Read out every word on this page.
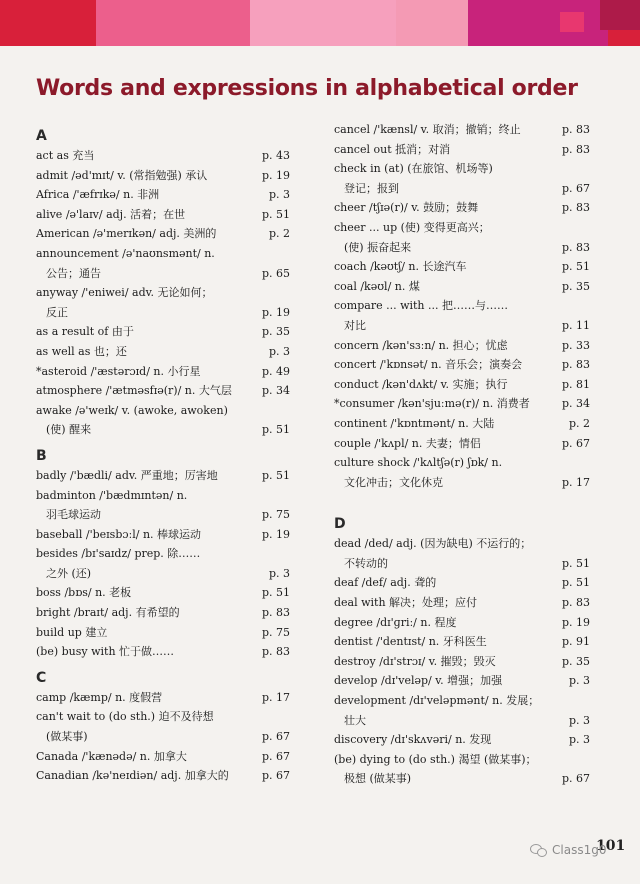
Words and expressions in alphabetical order
A
act as 充当	p. 43
admit /əd'mɪt/ v. (常指勉强) 承认	p. 19
Africa /'æfrɪkə/ n. 非洲	p. 3
alive /ə'laɪv/ adj. 活着；在世	p. 51
American /ə'merɪkən/ adj. 美洲的	p. 2
announcement /ə'naʊnsmənt/ n.
公告；通告	p. 65
anyway /'eniwei/ adv. 无论如何；
反正	p. 19
as a result of 由于	p. 35
as well as 也；还	p. 3
*asteroid /'æstərɔɪd/ n. 小行星	p. 49
atmosphere /'ætməsfɪə(r)/ n. 大气层	p. 34
awake /ə'weɪk/ v. (awoke, awoken)
(使) 醒来	p. 51
B
badly /'bædli/ adv. 严重地；厉害地	p. 51
badminton /'bædmɪntən/ n.
羽毛球运动	p. 75
baseball /'beɪsbɔːl/ n. 棒球运动	p. 19
besides /bɪ'saɪdz/ prep. 除……
之外 (还)	p. 3
boss /bɒs/ n. 老板	p. 51
bright /braɪt/ adj. 有希望的	p. 83
build up 建立	p. 75
(be) busy with 忙于做……	p. 83
C
camp /kæmp/ n. 度假营	p. 17
can't wait to (do sth.) 迫不及待想
(做某事)	p. 67
Canada /'kænədə/ n. 加拿大	p. 67
Canadian /kə'neɪdiən/ adj. 加拿大的	p. 67
cancel /'kænsl/ v. 取消；撤销；终止	p. 83
cancel out 抵消；对消	p. 83
check in (at) (在旅馆、机场等)
登记；报到	p. 67
cheer /tʃɪə(r)/ v. 鼓励；鼓舞	p. 83
cheer ... up (使) 变得更高兴；
(使) 振奋起来	p. 83
coach /kəʊtʃ/ n. 长途汽车	p. 51
coal /kəʊl/ n. 煤	p. 35
compare ... with ... 把……与……
对比	p. 11
concern /kən'sɜːn/ n. 担心；忧虑	p. 33
concert /'kɒnsət/ n. 音乐会；演奏会	p. 83
conduct /kən'dʌkt/ v. 实施；执行	p. 81
*consumer /kən'sjuːmə(r)/ n. 消费者	p. 34
continent /'kɒntɪnənt/ n. 大陆	p. 2
couple /'kʌpl/ n. 夫妻；情侣	p. 67
culture shock /'kʌltʃə(r) ʃɒk/ n.
文化冲击；文化休克	p. 17
D
dead /ded/ adj. (因为缺电) 不运行的；
不转动的	p. 51
deaf /def/ adj. 聋的	p. 51
deal with 解决；处理；应付	p. 83
degree /dɪ'ɡriː/ n. 程度	p. 19
dentist /'dentɪst/ n. 牙科医生	p. 91
destroy /dɪ'strɔɪ/ v. 摧毁；毁灭	p. 35
develop /dɪ'veləp/ v. 增强；加强	p. 3
development /dɪ'veləpmənt/ n. 发展；
壮大	p. 3
discovery /dɪ'skʌvəri/ n. 发现	p. 3
(be) dying to (do sth.) 渴望 (做某事)；
极想 (做某事)	p. 67
101
Class1g0
